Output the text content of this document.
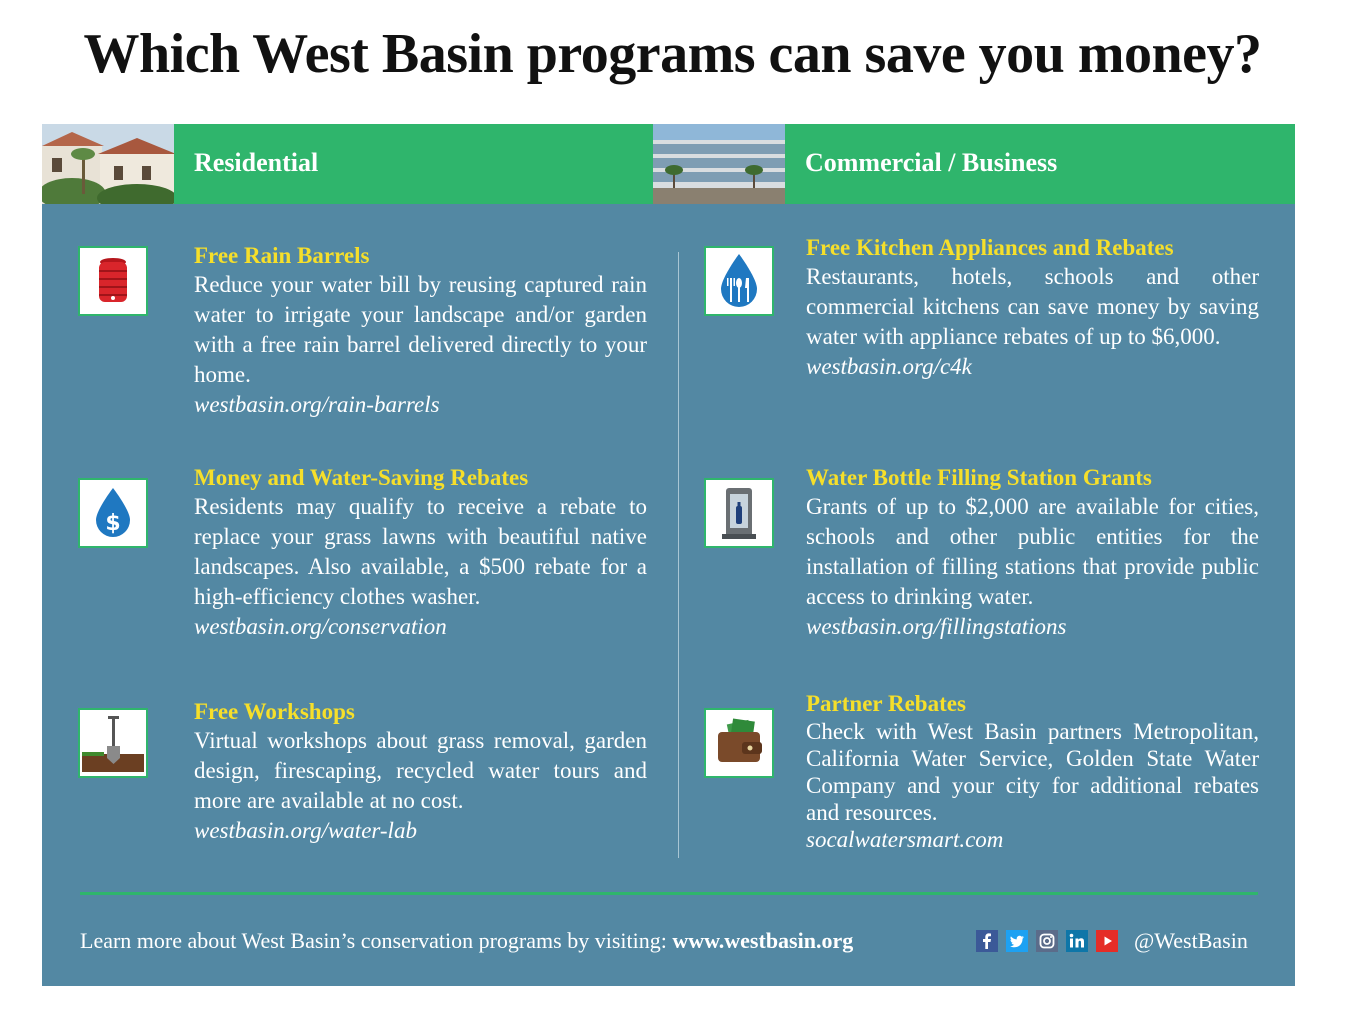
Which West Basin programs can save you money?
Residential	Commercial / Business
Free Rain Barrels
Reduce your water bill by reusing captured rain water to irrigate your landscape and/or garden with a free rain barrel delivered directly to your home.
westbasin.org/rain-barrels
$
Money and Water-Saving Rebates
Residents may qualify to receive a rebate to replace your grass lawns with beautiful native landscapes. Also available, a $500 rebate for a high-efficiency clothes washer.
westbasin.org/conservation
Free Workshops
Virtual workshops about grass removal, garden design, firescaping, recycled water tours and more are available at no cost.
westbasin.org/water-lab
Free Kitchen Appliances and Rebates
Restaurants, hotels, schools and other commercial kitchens can save money by saving water with appliance rebates of up to $6,000.
westbasin.org/c4k
Water Bottle Filling Station Grants
Grants of up to $2,000 are available for cities, schools and other public entities for the installation of filling stations that provide public access to drinking water.
westbasin.org/fillingstations
Partner Rebates
Check with West Basin partners Metropolitan, California Water Service, Golden State Water Company and your city for additional rebates and resources.
socalwatersmart.com
Learn more about West Basin’s conservation programs by visiting: www.westbasin.org	@WestBasin
